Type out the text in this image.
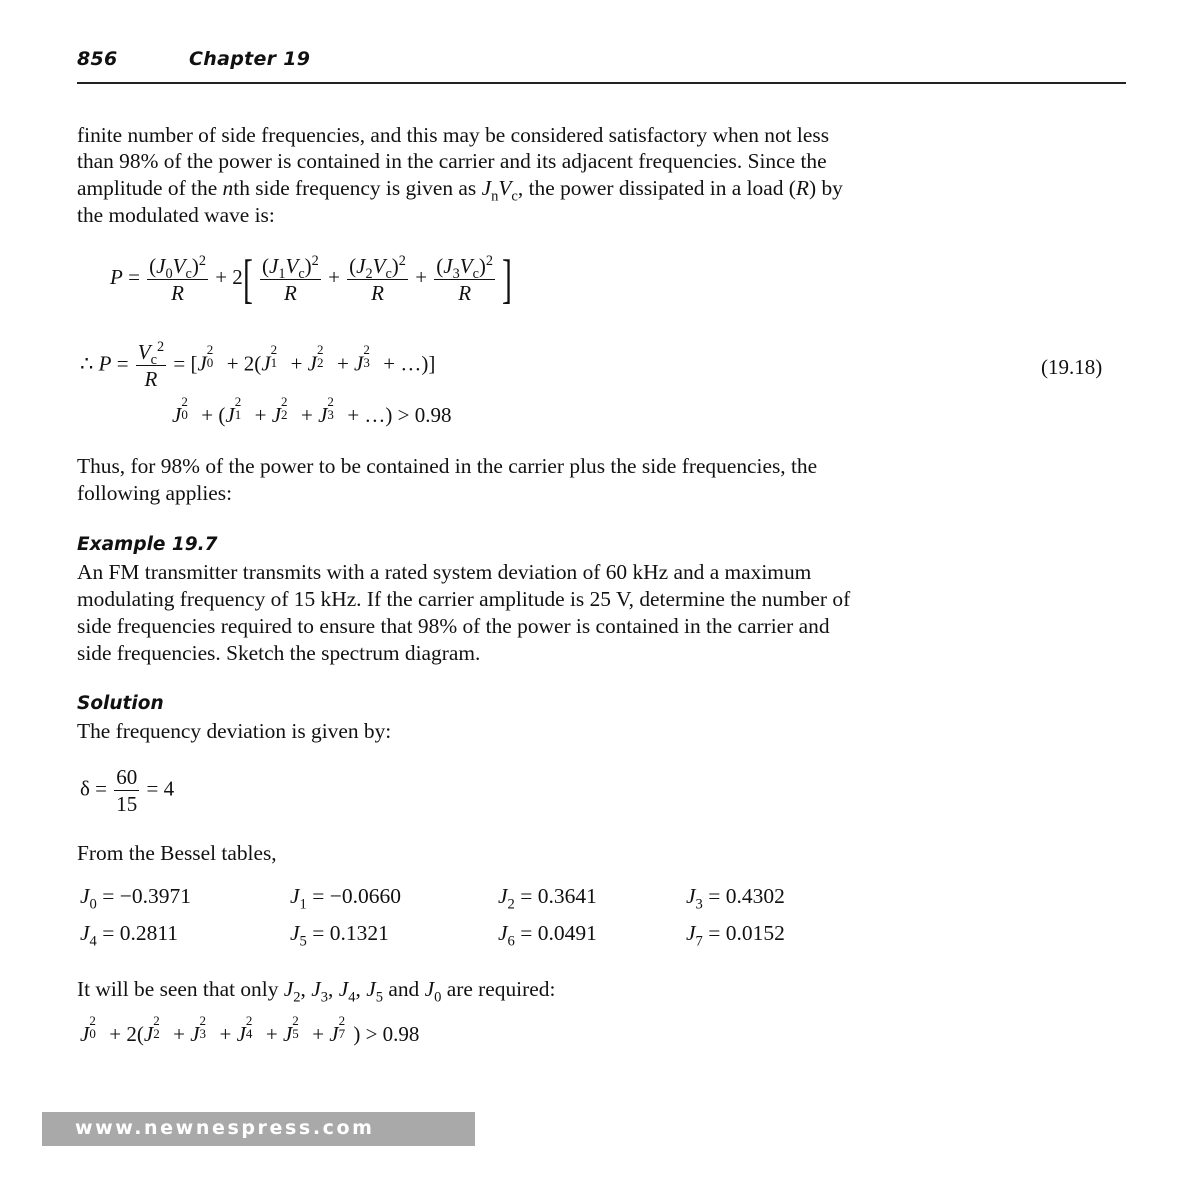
856	Chapter 19
finite number of side frequencies, and this may be considered satisfactory when not less
than 98% of the power is contained in the carrier and its adjacent frequencies. Since the
amplitude of the nth side frequency is given as $J_nV_c$, the power dissipated in a load (R) by
the modulated wave is:
$P = \frac{(J_0V_c)^2}{R} + 2[ \frac{(J_1V_c)^2}{R} + \frac{(J_2V_c)^2}{R} + \frac{(J_3V_c)^2}{R}$ ]
∴ $P = \frac{V_c^2}{R} = [J$
2
0 + 2(J
2
1 + J
2
2 + J
2
3 + …)]	(19.18)
J
2
0 + (J
2
1 + J
2
2 + J
2
3 + …) > 0.98
Thus, for 98% of the power to be contained in the carrier plus the side frequencies, the
following applies:
Example 19.7
An FM transmitter transmits with a rated system deviation of 60 kHz and a maximum
modulating frequency of 15 kHz. If the carrier amplitude is 25 V, determine the number of
side frequencies required to ensure that 98% of the power is contained in the carrier and
side frequencies. Sketch the spectrum diagram.
Solution
The frequency deviation is given by:
$\delta = \frac{60}{15} = 4$
From the Bessel tables,
$J_0 = -0.3971$	$J_1 = -0.0660$	$J_2 = 0.3641$	$J_3 = 0.4302$
$J_4 = 0.2811$	$J_5 = 0.1321$	$J_6 = 0.0491$	$J_7 = 0.0152$
It will be seen that only $J_2$, $J_3$, $J_4$, $J_5$ and $J_0$ are required:
J
2
0 + 2(J
2
2 + J
2
3 + J
2
4 + J
2
5 + J
2
7 ) > 0.98
www.newnespress.com
